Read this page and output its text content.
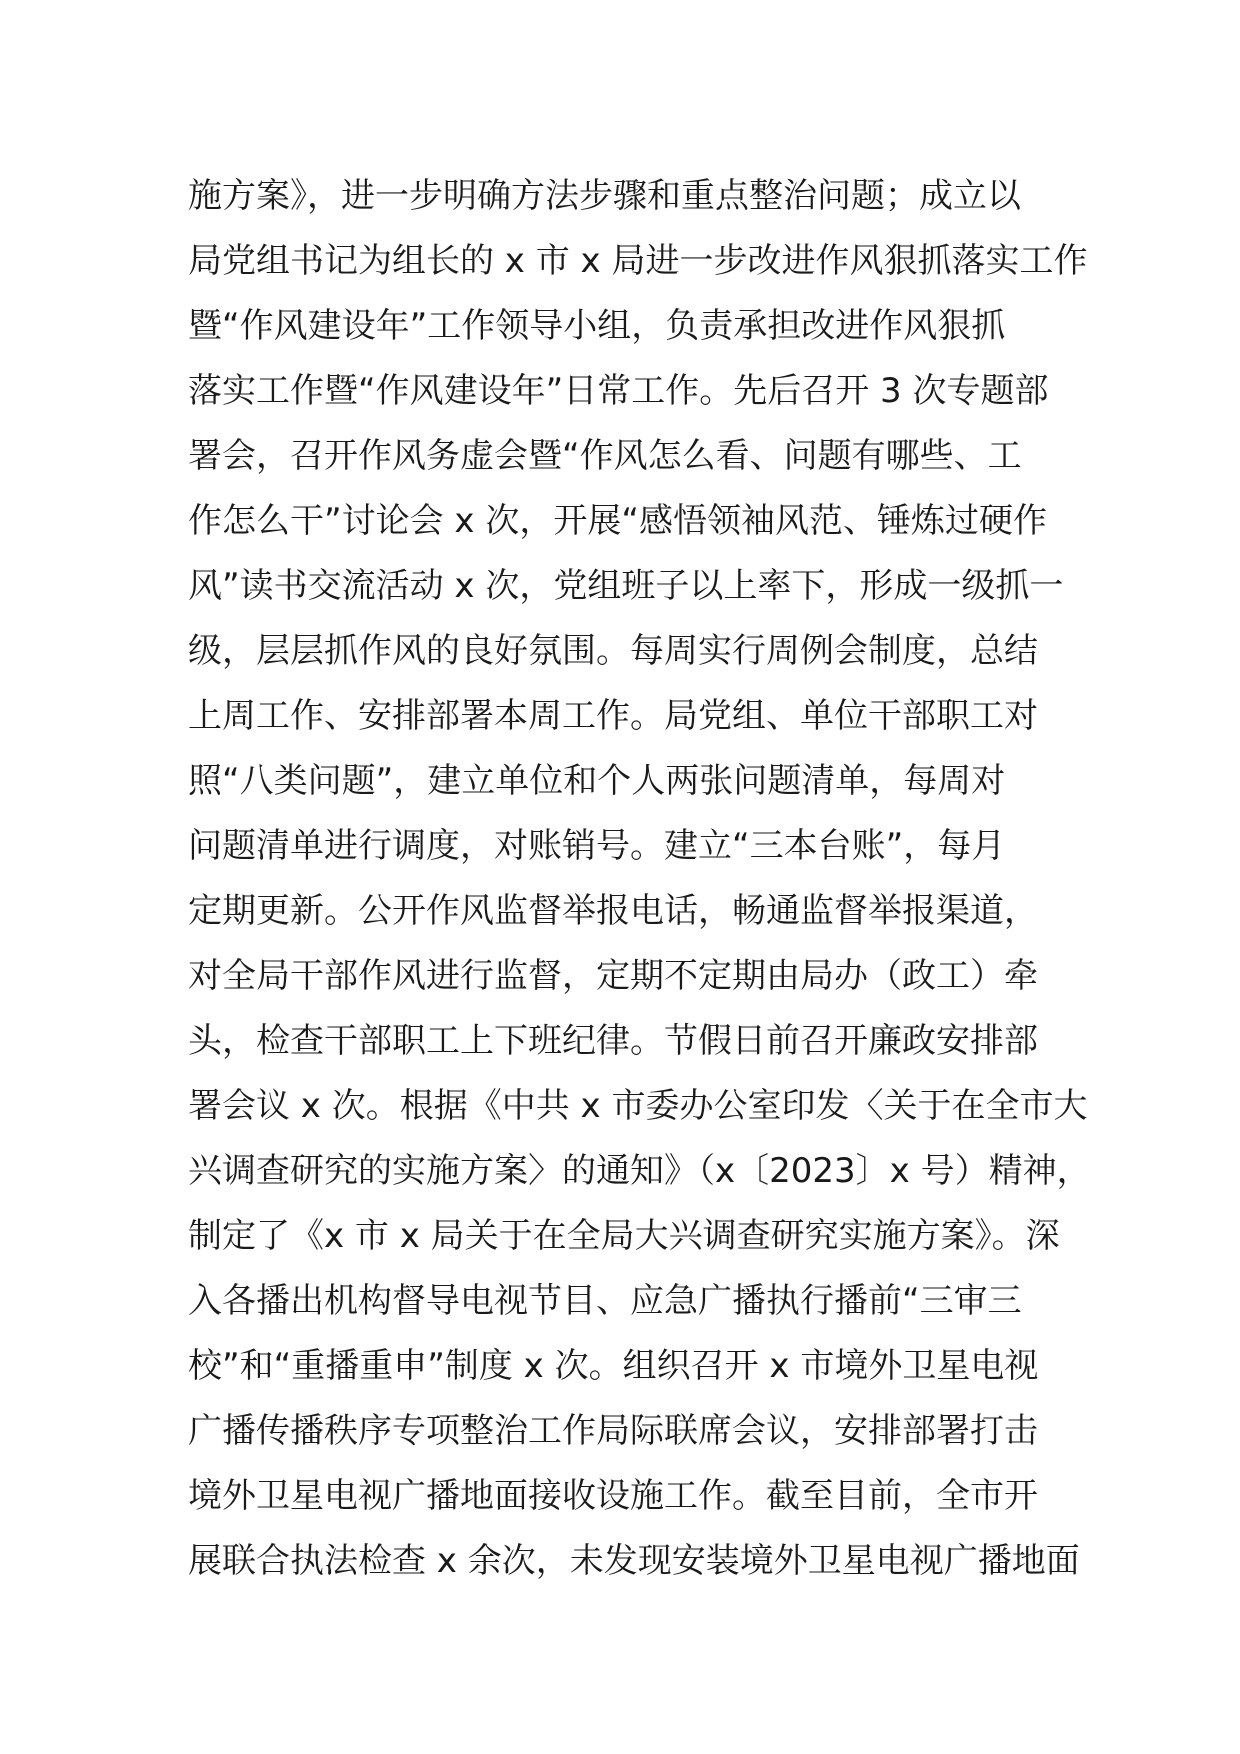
施方案》，进一步明确方法步骤和重点整治问题；成立以
局党组书记为组长的 x 市 x 局进一步改进作风狠抓落实工作
暨“作风建设年”工作领导小组，负责承担改进作风狠抓
落实工作暨“作风建设年”日常工作。先后召开 3 次专题部
署会，召开作风务虚会暨“作风怎么看、问题有哪些、工
作怎么干”讨论会 x 次，开展“感悟领袖风范、锤炼过硬作
风”读书交流活动 x 次，党组班子以上率下，形成一级抓一
级，层层抓作风的良好氛围。每周实行周例会制度，总结
上周工作、安排部署本周工作。局党组、单位干部职工对
照“八类问题”，建立单位和个人两张问题清单，每周对
问题清单进行调度，对账销号。建立“三本台账”，每月
定期更新。公开作风监督举报电话，畅通监督举报渠道，
对全局干部作风进行监督，定期不定期由局办（政工）牵
头，检查干部职工上下班纪律。节假日前召开廉政安排部
署会议 x 次。根据《中共 x 市委办公室印发〈关于在全市大
兴调查研究的实施方案〉的通知》（x〔2023〕x 号）精神，
制定了《x 市 x 局关于在全局大兴调查研究实施方案》。深
入各播出机构督导电视节目、应急广播执行播前“三审三
校”和“重播重申”制度 x 次。组织召开 x 市境外卫星电视
广播传播秩序专项整治工作局际联席会议，安排部署打击
境外卫星电视广播地面接收设施工作。截至目前，全市开
展联合执法检查 x 余次，未发现安装境外卫星电视广播地面
